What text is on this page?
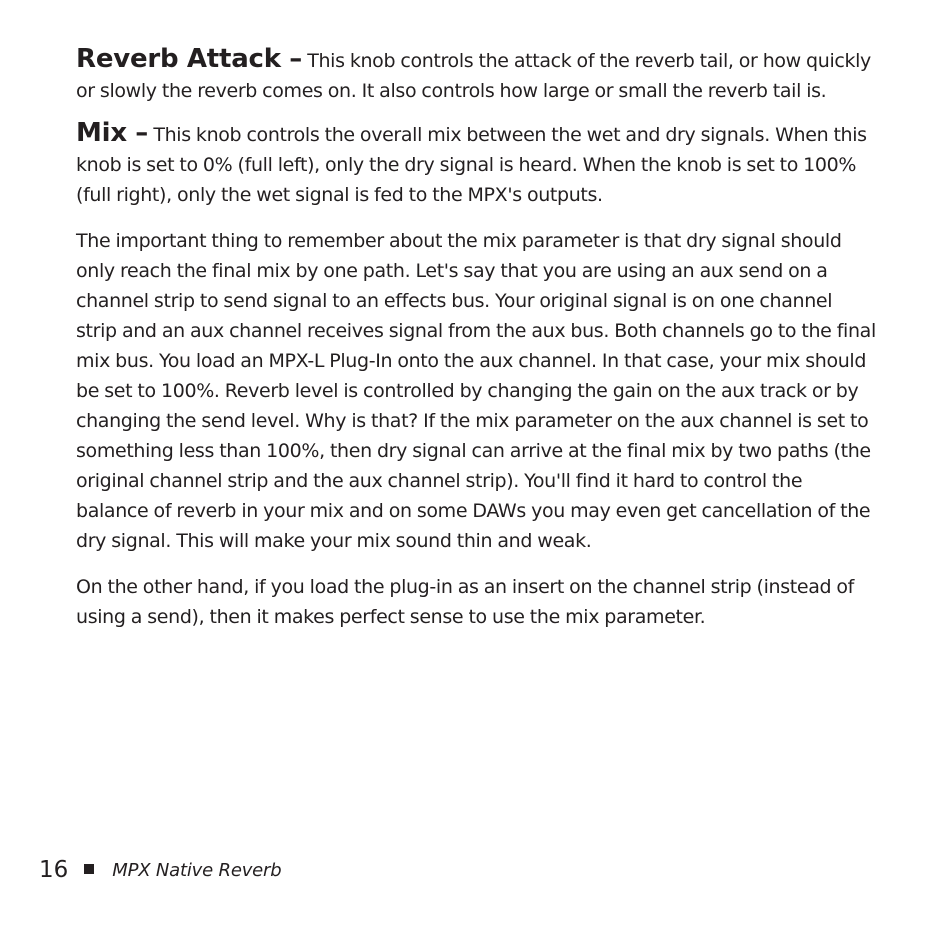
Reverb Attack – This knob controls the attack of the reverb tail, or how quickly or slowly the reverb comes on. It also controls how large or small the reverb tail is.

Mix – This knob controls the overall mix between the wet and dry signals. When this knob is set to 0% (full left), only the dry signal is heard. When the knob is set to 100% (full right), only the wet signal is fed to the MPX's outputs.

The important thing to remember about the mix parameter is that dry signal should only reach the final mix by one path. Let's say that you are using an aux send on a channel strip to send signal to an effects bus. Your original signal is on one channel strip and an aux channel receives signal from the aux bus. Both channels go to the final mix bus. You load an MPX-L Plug-In onto the aux channel. In that case, your mix should be set to 100%. Reverb level is controlled by changing the gain on the aux track or by changing the send level. Why is that? If the mix parameter on the aux channel is set to something less than 100%, then dry signal can arrive at the final mix by two paths (the original channel strip and the aux channel strip). You'll find it hard to control the balance of reverb in your mix and on some DAWs you may even get cancellation of the dry signal. This will make your mix sound thin and weak.

On the other hand, if you load the plug-in as an insert on the channel strip (instead of using a send), then it makes perfect sense to use the mix parameter.

16 MPX Native Reverb
